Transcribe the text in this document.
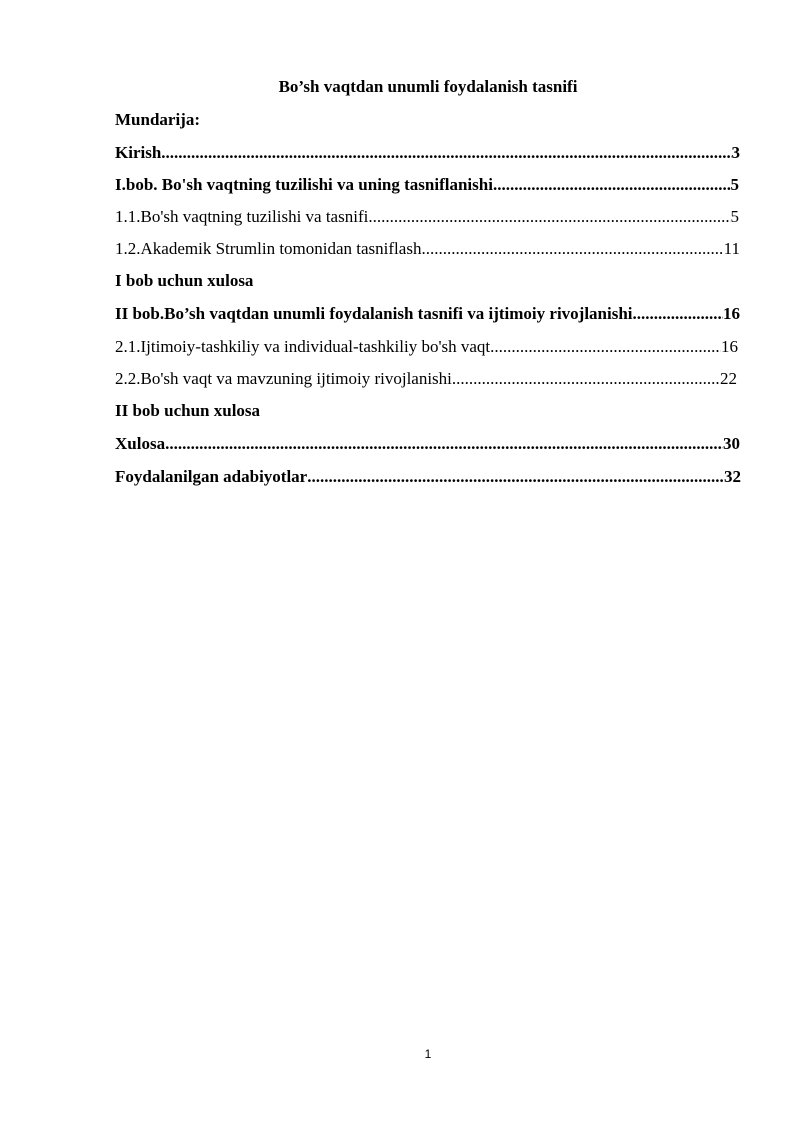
Bo’sh vaqtdan unumli foydalanish tasnifi
Mundarija:
3
Kirish
.....
5
I.bob. Bo'sh vaqtning tuzilishi va uning tasniflanishi
.....
5
1.1.Bo'sh vaqtning tuzilishi va tasnifi
.....
11
1.2.Akademik Strumlin tomonidan tasniflash
.....
I bob uchun xulosa
16
II bob.Bo’sh vaqtdan unumli foydalanish tasnifi va ijtimoiy rivojlanishi
.....
16
2.1.Ijtimoiy-tashkiliy va individual-tashkiliy bo'sh vaqt
.....
22
2.2.Bo'sh vaqt va mavzuning ijtimoiy rivojlanishi
.....
II bob uchun xulosa
30
Xulosa
.....
32
Foydalanilgan adabiyotlar
.....
1
